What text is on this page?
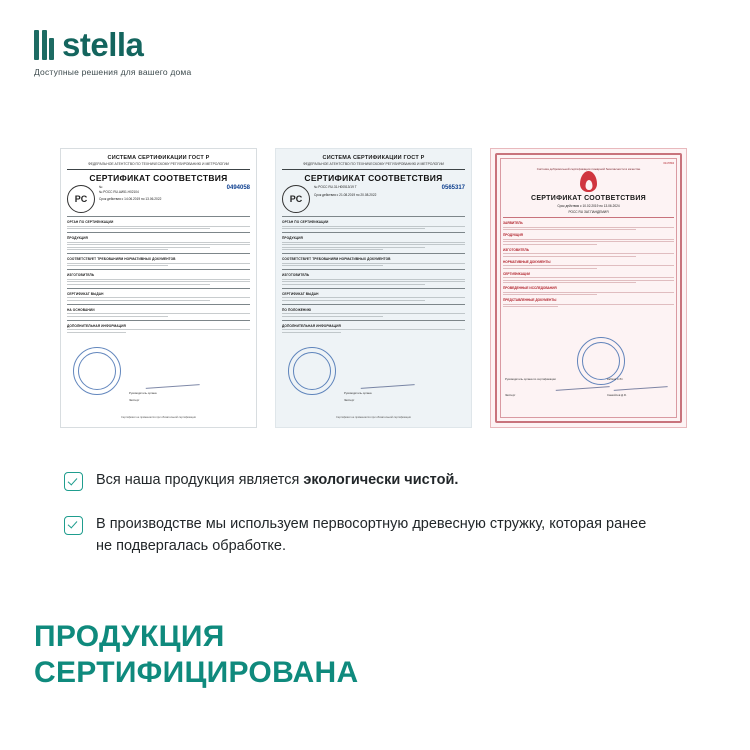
stella
Доступные решения для вашего дома
СИСТЕМА СЕРТИФИКАЦИИ ГОСТ Р
ФЕДЕРАЛЬНОЕ АГЕНТСТВО ПО ТЕХНИЧЕСКОМУ РЕГУЛИРОВАНИЮ И МЕТРОЛОГИИ
СЕРТИФИКАТ СООТВЕТСТВИЯ
PC
№
№ РОСС RU.AИ51.H02104
Срок действия с 14.06.2019 по 13.06.2022
0494058
ОРГАН ПО СЕРТИФИКАЦИИ
ПРОДУКЦИЯ
СООТВЕТСТВУЕТ ТРЕБОВАНИЯМ НОРМАТИВНЫХ ДОКУМЕНТОВ
ИЗГОТОВИТЕЛЬ
СЕРТИФИКАТ ВЫДАН
НА ОСНОВАНИИ
ДОПОЛНИТЕЛЬНАЯ ИНФОРМАЦИЯ
Руководитель органа
Эксперт
Сертификат не применяется при обязательной сертификации
СИСТЕМА СЕРТИФИКАЦИИ ГОСТ Р
ФЕДЕРАЛЬНОЕ АГЕНТСТВО ПО ТЕХНИЧЕСКОМУ РЕГУЛИРОВАНИЮ И МЕТРОЛОГИИ
СЕРТИФИКАТ СООТВЕТСТВИЯ
PC
№ РОСС RU.31.Н00513/19 Т
Срок действия с 21.08.2019 по 20.08.2022
0565317
ОРГАН ПО СЕРТИФИКАЦИИ
ПРОДУКЦИЯ
СООТВЕТСТВУЕТ ТРЕБОВАНИЯМ НОРМАТИВНЫХ ДОКУМЕНТОВ
ИЗГОТОВИТЕЛЬ
СЕРТИФИКАТ ВЫДАН
ПО ПОЛОЖЕНИЮ
ДОПОЛНИТЕЛЬНАЯ ИНФОРМАЦИЯ
Руководитель органа
Эксперт
Сертификат не применяется при обязательной сертификации
0117894
Система добровольной сертификации пожарной безопасности в качестве
СЕРТИФИКАТ СООТВЕТСТВИЯ
Срок действия с 10.02.2019 по 13.06.2024
РОСС RU ЗАГ.ПАНДЕМИЯ
ЗАЯВИТЕЛЬ
ПРОДУКЦИЯ
ИЗГОТОВИТЕЛЬ
НОРМАТИВНЫЕ ДОКУМЕНТЫ
СЕРТИФИКАЦИИ
ПРОВЕДЕННЫЕ ИССЛЕДОВАНИЯ
ПРЕДСТАВЛЕННЫЕ ДОКУМЕНТЫ
Кабков С.Ю.
Самойлов Д.Я.
Руководитель органа по сертификации
Эксперт
Вся наша продукция является экологически чистой.
В производстве мы используем первосортную древесную стружку, которая ранее не подвергалась обработке.
ПРОДУКЦИЯ
СЕРТИФИЦИРОВАНА
